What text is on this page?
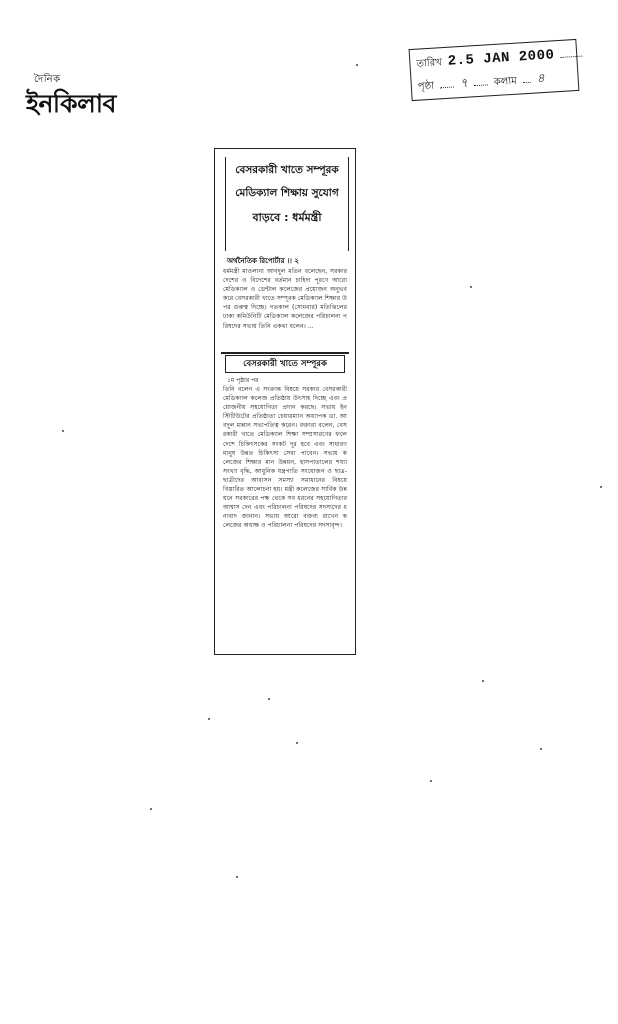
দৈনিক
ইনকিলাব
তারিখ 2.5 JAN 2000
পৃষ্ঠা ৭	কলাম ৪
বেসরকারী খাতে সম্পূরক
মেডিক্যাল শিক্ষায় সুযোগ
বাড়বে : ধর্মমন্ত্রী
অর্থনৈতিক রিপোর্টার ।। ২
ধর্মমন্ত্রী মাওলানা আবদুল মতিন বলেছেন, সরকার দেশের ও বিদেশের বর্তমান চাহিদা পূরণে আরো মেডিক্যাল ও ডেন্টাল কলেজের প্রয়োজন অনুভব করে বেসরকারী খাতে সম্পূরক মেডিক্যাল শিক্ষার উপর গুরুত্ব দিচ্ছে। গতকাল (সোমবার) মতিঝিলের ঢাকা কমিউনিটি মেডিক্যাল কলেজের পরিচালনা পরিষদের সভায় তিনি একথা বলেন। ...
বেসরকারী খাতে সম্পূরক
১ম পৃষ্ঠার পর
তিনি বলেন এ সংক্রান্ত বিষয়ে সরকার বেসরকারী মেডিক্যাল কলেজ প্রতিষ্ঠায় উৎসাহ দিচ্ছে এবং প্রয়োজনীয় সহযোগিতা প্রদান করছে। সভায় ইনস্টিটিউটের প্রতিষ্ঠাতা চেয়ারম্যান অধ্যাপক ডা. আবদুল মান্নান সভাপতিত্ব করেন। বক্তারা বলেন, বেসরকারী খাতে মেডিক্যাল শিক্ষা সম্প্রসারণের ফলে দেশে চিকিৎসকের সংকট দূর হবে এবং সাধারণ মানুষ উন্নত চিকিৎসা সেবা পাবেন। সভায় কলেজের শিক্ষার মান উন্নয়ন, হাসপাতালের শয্যা সংখ্যা বৃদ্ধি, আধুনিক যন্ত্রপাতি সংযোজন ও ছাত্র-ছাত্রীদের আবাসন সমস্যা সমাধানের বিষয়ে বিস্তারিত আলোচনা হয়। মন্ত্রী কলেজের সার্বিক উন্নয়নে সরকারের পক্ষ থেকে সব ধরনের সহযোগিতার আশ্বাস দেন এবং পরিচালনা পরিষদের সদস্যদের ধন্যবাদ জানান। সভায় আরো বক্তব্য রাখেন কলেজের অধ্যক্ষ ও পরিচালনা পরিষদের সদস্যবৃন্দ।
